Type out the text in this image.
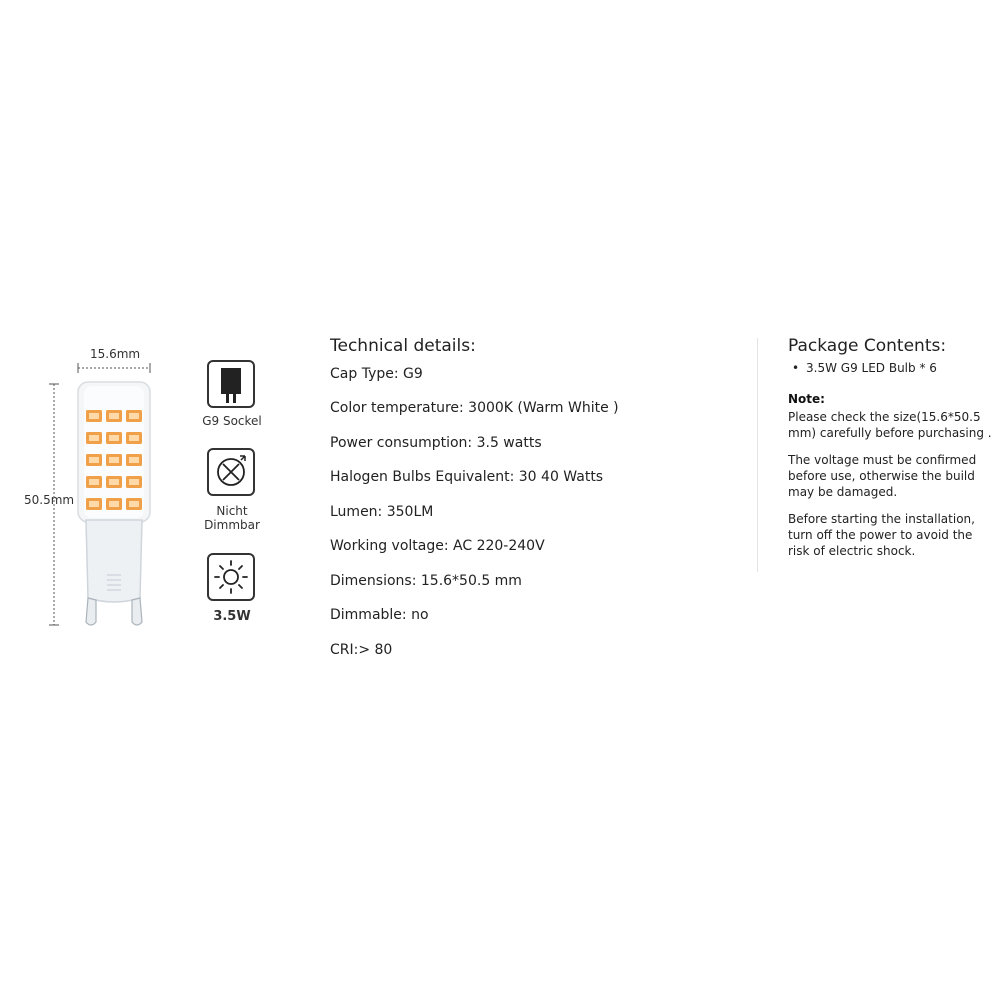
15.6mm
50.5mm
G9 Sockel
Nicht
Dimmbar
3.5W
Technical details:
Cap Type: G9
Color temperature: 3000K (Warm White )
Power consumption: 3.5 watts
Halogen Bulbs Equivalent: 30 40 Watts
Lumen: 350LM
Working voltage: AC 220-240V
Dimensions: 15.6*50.5 mm
Dimmable: no
CRI:> 80
Package Contents:
• 3.5W G9 LED Bulb * 6
Note:
Please check the size(15.6*50.5 mm) carefully before purchasing .
The voltage must be confirmed before use, otherwise the build may be damaged.
Before starting the installation, turn off the power to avoid the risk of electric shock.
